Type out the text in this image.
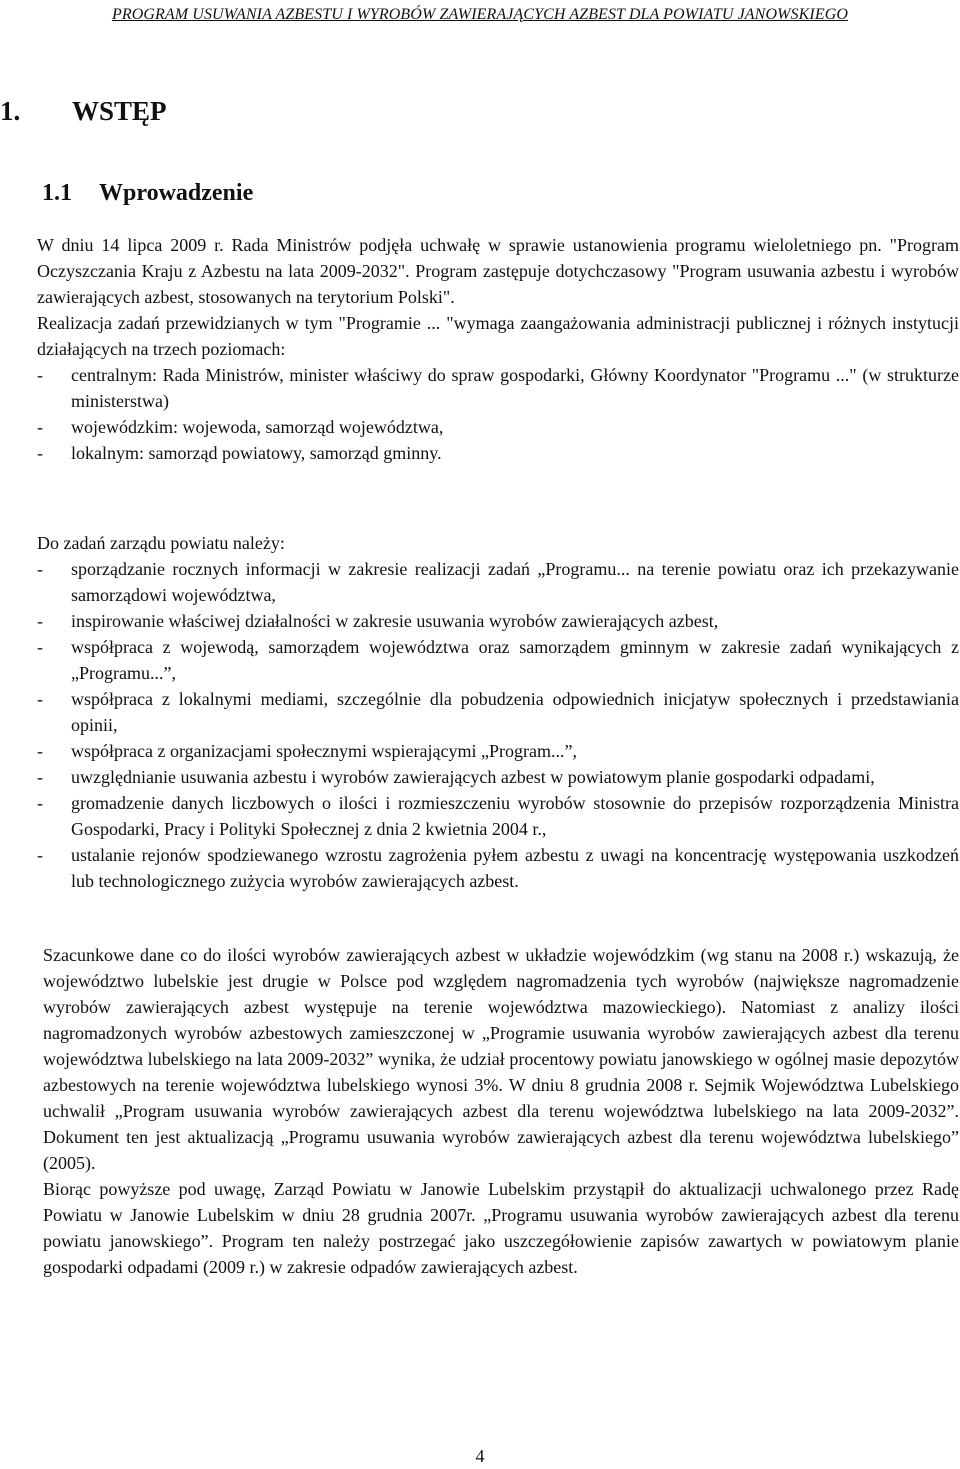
PROGRAM USUWANIA AZBESTU I WYROBÓW ZAWIERAJĄCYCH AZBEST DLA POWIATU JANOWSKIEGO
1. WSTĘP
1.1 Wprowadzenie

W dniu 14 lipca 2009 r. Rada Ministrów podjęła uchwałę w sprawie ustanowienia programu wieloletniego pn. "Program Oczyszczania Kraju z Azbestu na lata 2009-2032". Program zastępuje dotychczasowy "Program usuwania azbestu i wyrobów zawierających azbest, stosowanych na terytorium Polski".

Realizacja zadań przewidzianych w tym "Programie ... "wymaga zaangażowania administracji publicznej i różnych instytucji działających na trzech poziomach:

-	centralnym: Rada Ministrów, minister właściwy do spraw gospodarki, Główny Koordynator "Programu ..." (w strukturze ministerstwa)
-	wojewódzkim: wojewoda, samorząd województwa,
-	lokalnym: samorząd powiatowy, samorząd gminny.

Do zadań zarządu powiatu należy:

-	sporządzanie rocznych informacji w zakresie realizacji zadań „Programu... na terenie powiatu oraz ich przekazywanie samorządowi województwa,
-	inspirowanie właściwej działalności w zakresie usuwania wyrobów zawierających azbest,
-	współpraca z wojewodą, samorządem województwa oraz samorządem gminnym w zakresie zadań wynikających z „Programu...”,
-	współpraca z lokalnymi mediami, szczególnie dla pobudzenia odpowiednich inicjatyw społecznych i przedstawiania opinii,
-	współpraca z organizacjami społecznymi wspierającymi „Program...”,
-	uwzględnianie usuwania azbestu i wyrobów zawierających azbest w powiatowym planie gospodarki odpadami,
-	gromadzenie danych liczbowych o ilości i rozmieszczeniu wyrobów stosownie do przepisów rozporządzenia Ministra Gospodarki, Pracy i Polityki Społecznej z dnia 2 kwietnia 2004 r.,
-	ustalanie rejonów spodziewanego wzrostu zagrożenia pyłem azbestu z uwagi na koncentrację występowania uszkodzeń lub technologicznego zużycia wyrobów zawierających azbest.

Szacunkowe dane co do ilości wyrobów zawierających azbest w układzie wojewódzkim (wg stanu na 2008 r.) wskazują, że województwo lubelskie jest drugie w Polsce pod względem nagromadzenia tych wyrobów (największe nagromadzenie wyrobów zawierających azbest występuje na terenie województwa mazowieckiego). Natomiast z analizy ilości nagromadzonych wyrobów azbestowych zamieszczonej w „Programie usuwania wyrobów zawierających azbest dla terenu województwa lubelskiego na lata 2009-2032” wynika, że udział procentowy powiatu janowskiego w ogólnej masie depozytów azbestowych na terenie województwa lubelskiego wynosi 3%. W dniu 8 grudnia 2008 r. Sejmik Województwa Lubelskiego uchwalił „Program usuwania wyrobów zawierających azbest dla terenu województwa lubelskiego na lata 2009-2032”. Dokument ten jest aktualizacją „Programu usuwania wyrobów zawierających azbest dla terenu województwa lubelskiego” (2005).

Biorąc powyższe pod uwagę, Zarząd Powiatu w Janowie Lubelskim przystąpił do aktualizacji uchwalonego przez Radę Powiatu w Janowie Lubelskim w dniu 28 grudnia 2007r. „Programu usuwania wyrobów zawierających azbest dla terenu powiatu janowskiego”. Program ten należy postrzegać jako uszczegółowienie zapisów zawartych w powiatowym planie gospodarki odpadami (2009 r.) w zakresie odpadów zawierających azbest.

4
